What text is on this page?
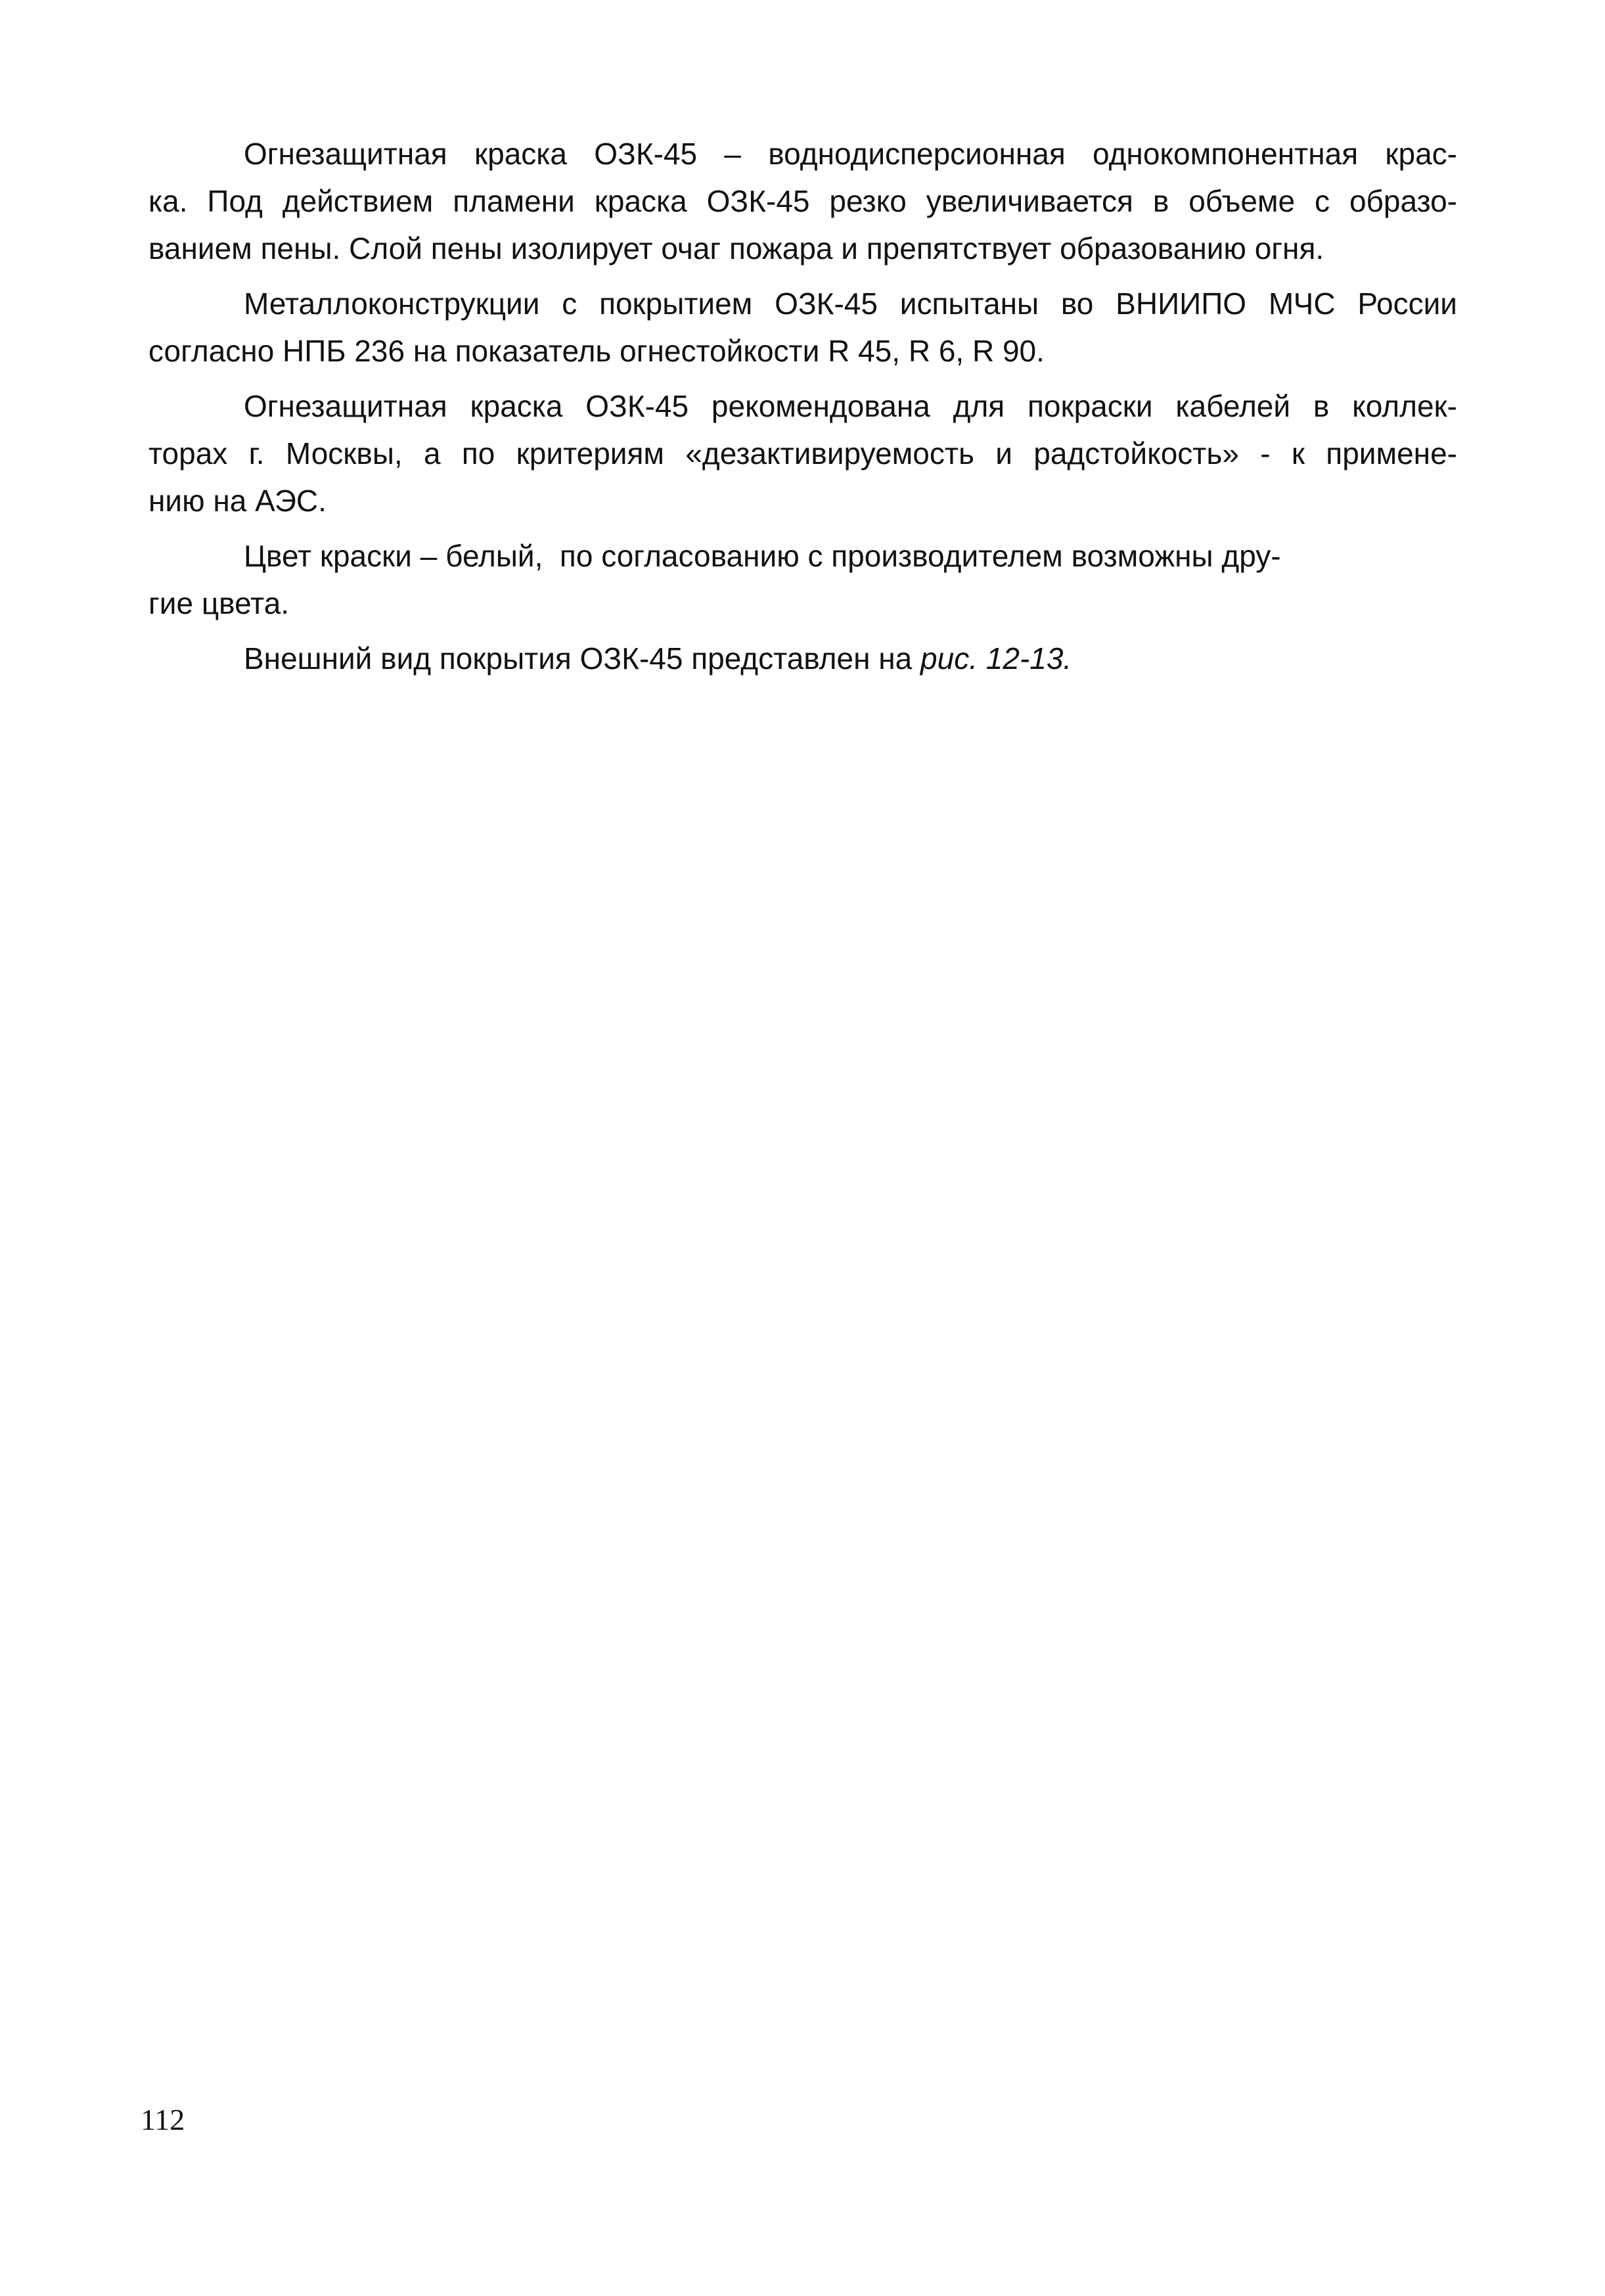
Огнезащитная краска ОЗК-45 – воднодисперсионная однокомпонентная крас-
ка. Под действием пламени краска ОЗК-45 резко увеличивается в объеме с образо-
ванием пены. Слой пены изолирует очаг пожара и препятствует образованию огня.

Металлоконструкции с покрытием ОЗК-45 испытаны во ВНИИПО МЧС России
согласно НПБ 236 на показатель огнестойкости R 45, R 6, R 90.

Огнезащитная краска ОЗК-45 рекомендована для покраски кабелей в коллек-
торах г. Москвы, а по критериям «дезактивируемость и радстойкость» - к примене-
нию на АЭС.

Цвет краски – белый,  по согласованию с производителем возможны дру-
гие цвета.

Внешний вид покрытия ОЗК-45 представлен на рис. 12-13.

112
